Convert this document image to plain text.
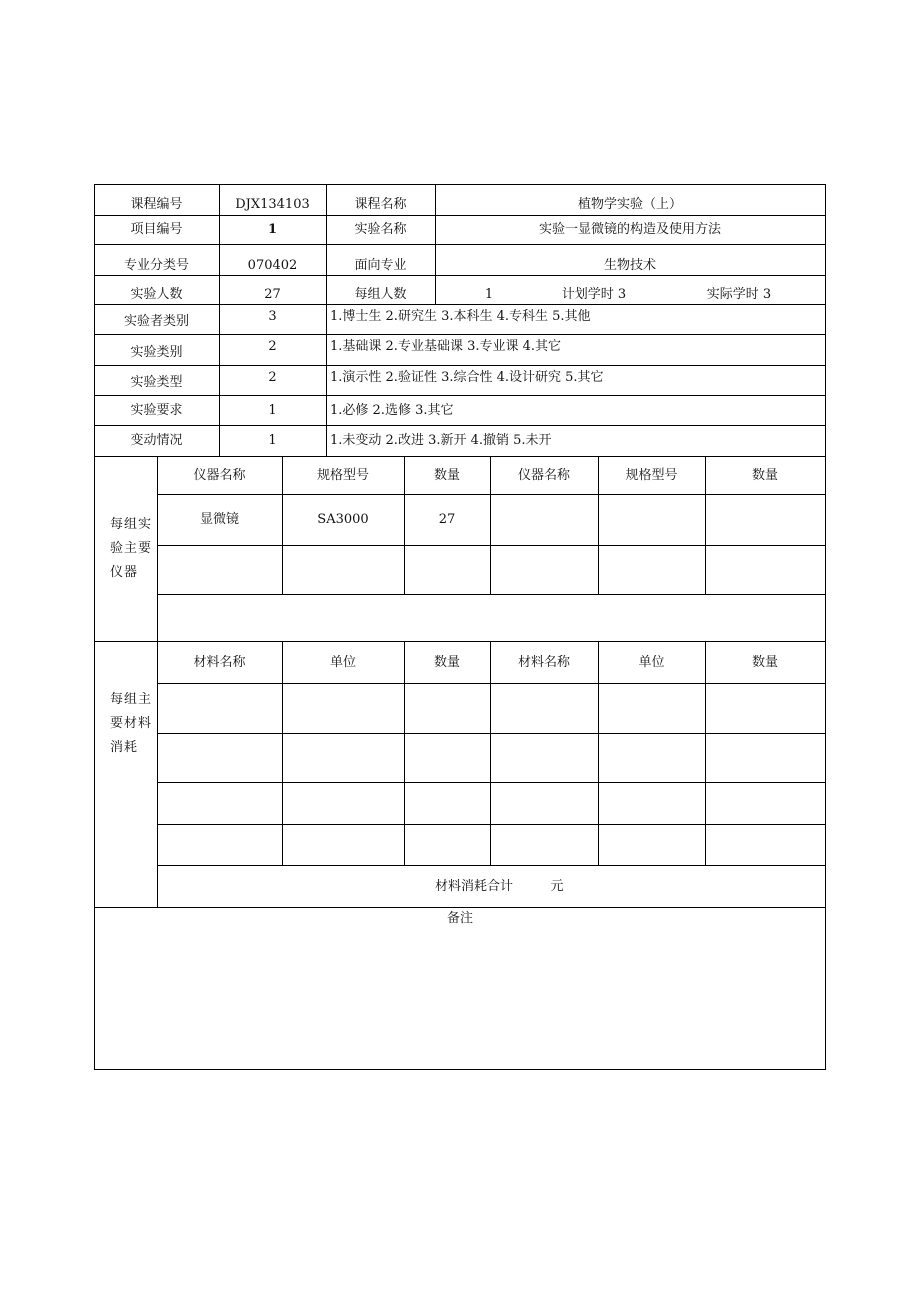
课程编号	DJX134103	课程名称	植物学实验（上）
项目编号	1	实验名称	实验一显微镜的构造及使用方法
专业分类号	070402	面向专业	生物技术
实验人数	27	每组人数	1	计划学时 3	实际学时 3
实验者类别	3	1.博士生 2.研究生 3.本科生 4.专科生 5.其他
实验类别	2	1.基础课 2.专业基础课 3.专业课 4.其它
实验类型	2	1.演示性 2.验证性 3.综合性 4.设计研究 5.其它
实验要求	1	1.必修 2.选修 3.其它
变动情况	1	1.未变动 2.改进 3.新开 4.撤销 5.未开
每组实
验主要
仪器
仪器名称	规格型号	数量	仪器名称	规格型号	数量
显微镜	SA3000	27
每组主
要材料
消耗
材料名称	单位	数量	材料名称	单位	数量
材料消耗合计	元
备注
